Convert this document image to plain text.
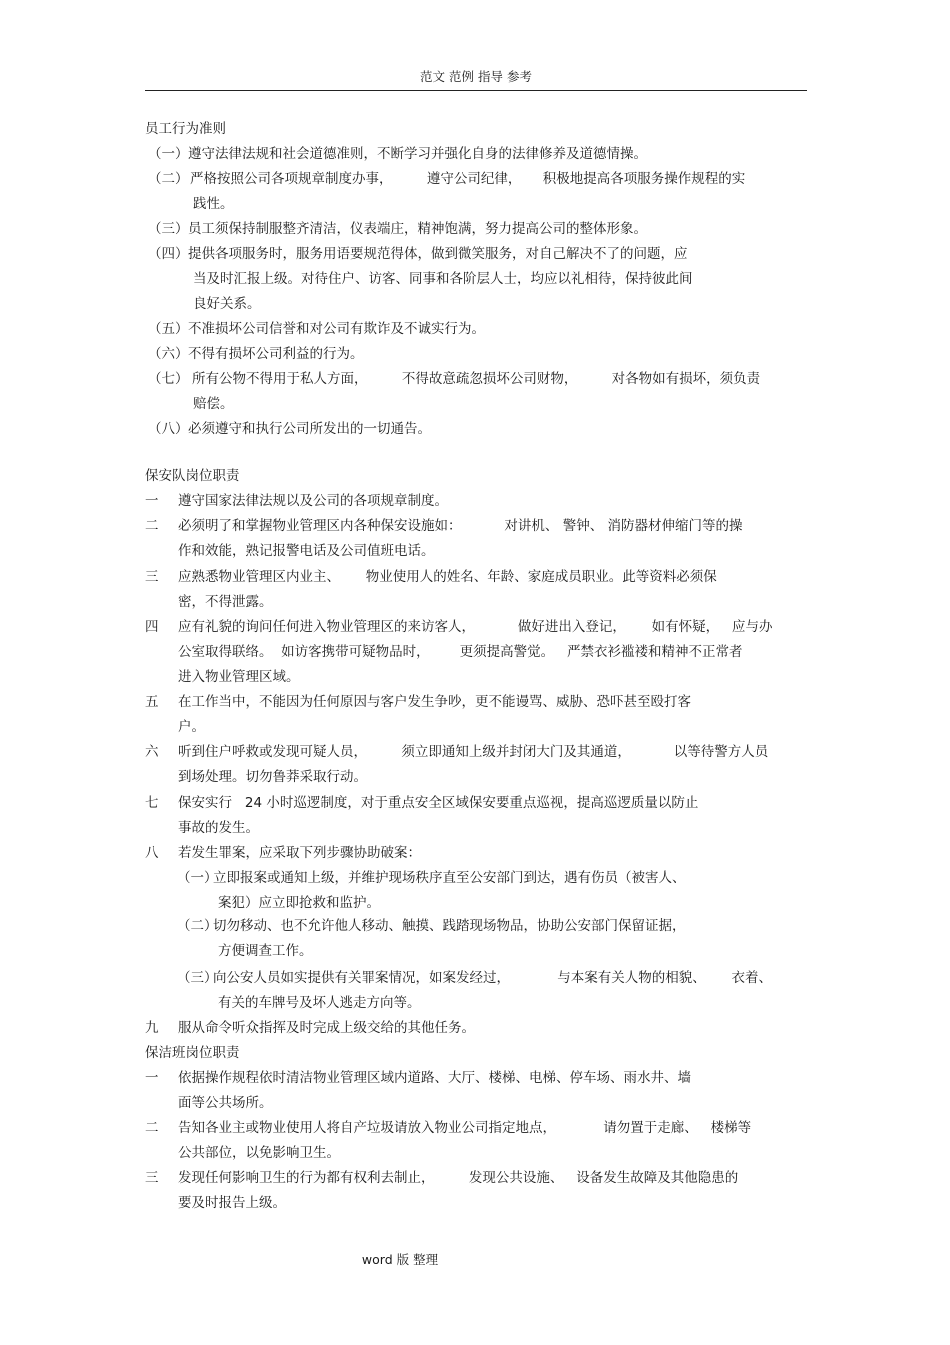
范文 范例 指导 参考
员工行为准则
（一） 遵守法律法规和社会道德准则，不断学习并强化自身的法律修养及道德情操。
（二） 严格按照公司各项规章制度办事，        遵守公司纪律，     积极地提高各项服务操作规程的实
践性。
（三） 员工须保持制服整齐清洁，仪表端庄，精神饱满，努力提高公司的整体形象。
（四） 提供各项服务时，服务用语要规范得体，做到微笑服务，对自己解决不了的问题，应
当及时汇报上级。对待住户、访客、同事和各阶层人士，均应以礼相待，保持彼此间
良好关系。
（五） 不准损坏公司信誉和对公司有欺诈及不诚实行为。
（六） 不得有损坏公司利益的行为。
（七） 所有公物不得用于私人方面，        不得故意疏忽损坏公司财物，        对各物如有损坏，须负责
赔偿。
（八） 必须遵守和执行公司所发出的一切通告。
保安队岗位职责
一 遵守国家法律法规以及公司的各项规章制度。
二 必须明了和掌握物业管理区内各种保安设施如：          对讲机、 警钟、 消防器材伸缩门等的操
作和效能，熟记报警电话及公司值班电话。
三 应熟悉物业管理区内业主、      物业使用人的姓名、年龄、家庭成员职业。此等资料必须保
密，不得泄露。
四 应有礼貌的询问任何进入物业管理区的来访客人，          做好进出入登记，      如有怀疑，   应与办
公室取得联络。  如访客携带可疑物品时，       更须提高警觉。   严禁衣衫褴褛和精神不正常者
进入物业管理区域。
五 在工作当中，不能因为任何原因与客户发生争吵，更不能谩骂、威胁、恐吓甚至殴打客
户。
六 听到住户呼救或发现可疑人员，        须立即通知上级并封闭大门及其通道，          以等待警方人员
到场处理。切勿鲁莽采取行动。
七 保安实行   24 小时巡逻制度，对于重点安全区域保安要重点巡视，提高巡逻质量以防止
事故的发生。
八 若发生罪案，应采取下列步骤协助破案：
（一）
立即报案或通知上级，并维护现场秩序直至公安部门到达，遇有伤员（被害人、
案犯）应立即抢救和监护。
（二）
切勿移动、也不允许他人移动、触摸、践踏现场物品，协助公安部门保留证据，
方便调查工作。
（三）
向公安人员如实提供有关罪案情况，如案发经过，           与本案有关人物的相貌、      衣着、
有关的车牌号及坏人逃走方向等。
九 服从命令听众指挥及时完成上级交给的其他任务。
保洁班岗位职责
一 依据操作规程依时清洁物业管理区域内道路、大厅、楼梯、电梯、停车场、雨水井、墙
面等公共场所。
二 告知各业主或物业使用人将自产垃圾请放入物业公司指定地点，           请勿置于走廊、   楼梯等
公共部位，以免影响卫生。
三 发现任何影响卫生的行为都有权利去制止，        发现公共设施、   设备发生故障及其他隐患的
要及时报告上级。
word 版 整理
